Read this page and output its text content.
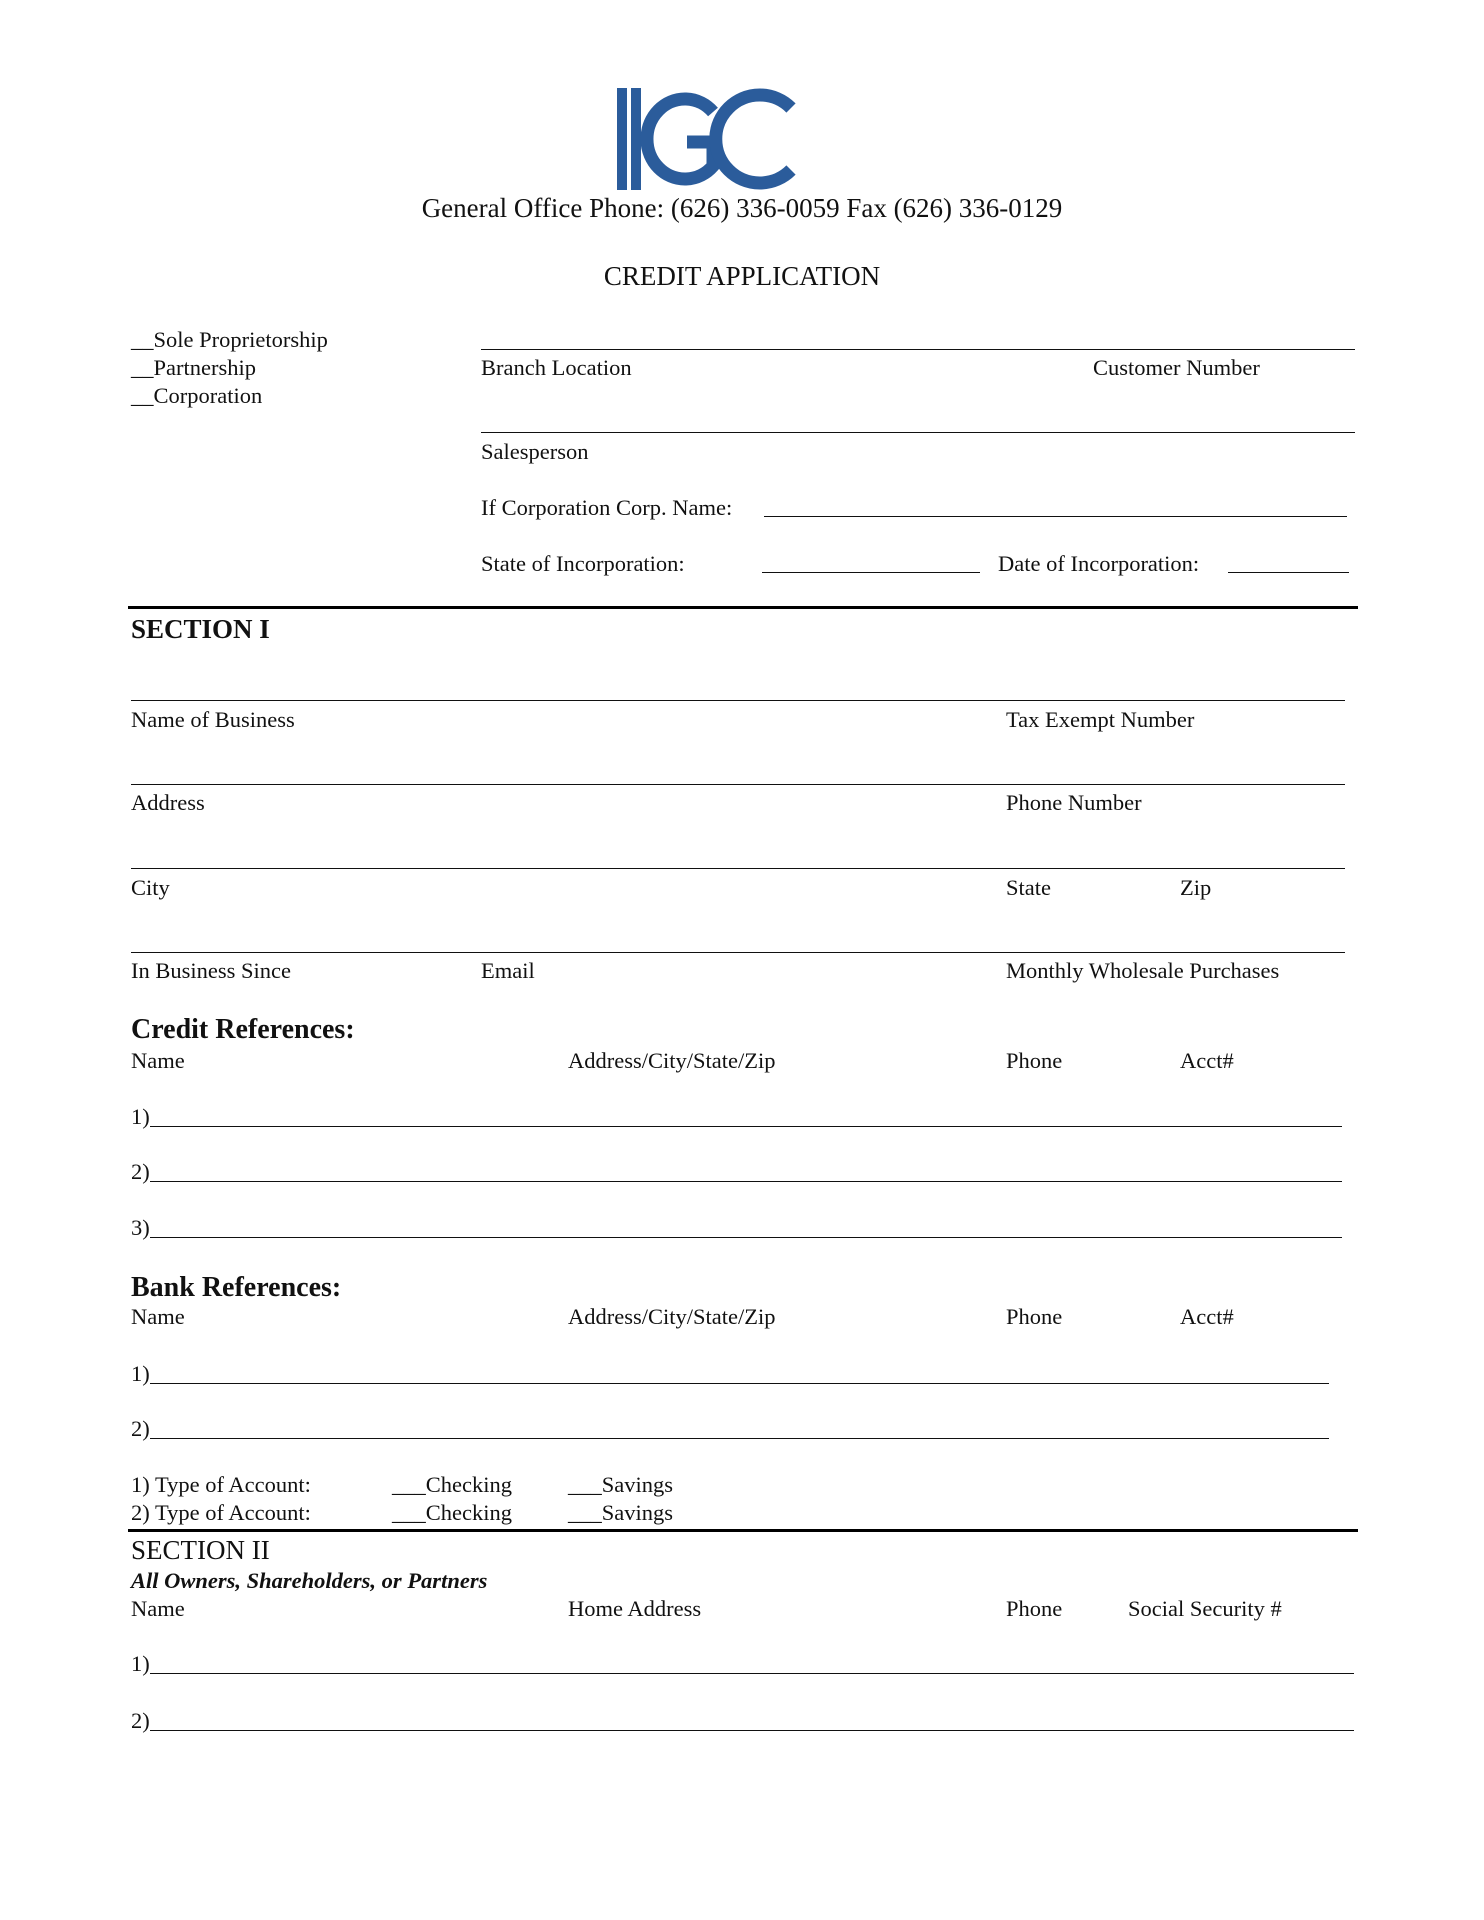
General Office Phone: (626) 336-0059 Fax (626) 336-0129
CREDIT APPLICATION
__Sole Proprietorship
__Partnership
__Corporation
Branch Location	Customer Number
Salesperson
If Corporation Corp. Name:
State of Incorporation:	Date of Incorporation:
SECTION I
Name of Business	Tax Exempt Number
Address	Phone Number
City	State	Zip
In Business Since	Email	Monthly Wholesale Purchases
Credit References:
Name	Address/City/State/Zip	Phone	Acct#
1)
2)
3)
Bank References:
Name	Address/City/State/Zip	Phone	Acct#
1)
2)
1) Type of Account:	___Checking ___Savings
2) Type of Account:	___Checking ___Savings
SECTION II
All Owners, Shareholders, or Partners
Name	Home Address	Phone	Social Security #
1)
2)
